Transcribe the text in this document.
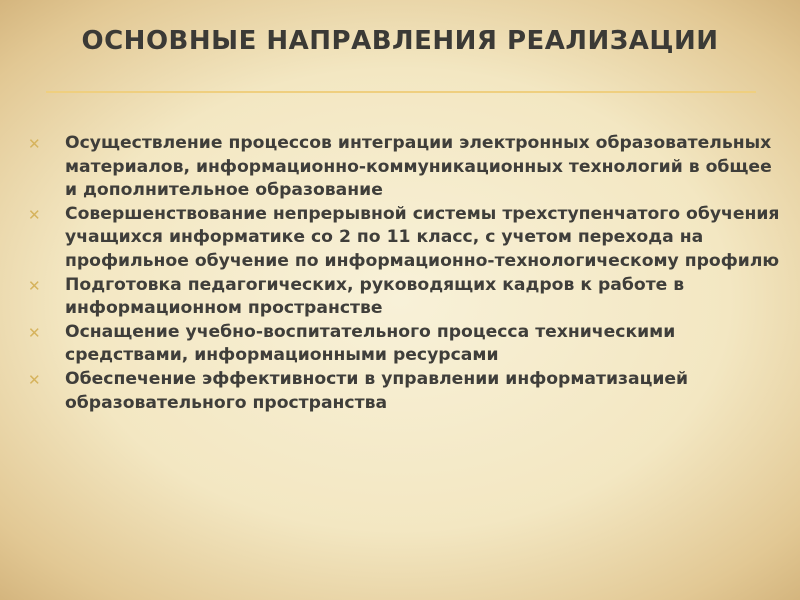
ОСНОВНЫЕ НАПРАВЛЕНИЯ РЕАЛИЗАЦИИ
✕ Осуществление процессов интеграции электронных образовательных материалов, информационно-коммуникационных технологий в общее и дополнительное образование
✕ Совершенствование непрерывной системы трехступенчатого обучения учащихся информатике со 2 по 11 класс, с учетом перехода на профильное обучение по информационно-технологическому профилю
✕ Подготовка педагогических, руководящих кадров к работе в информационном пространстве
✕ Оснащение учебно-воспитательного процесса техническими средствами, информационными ресурсами
✕ Обеспечение эффективности в управлении информатизацией образовательного пространства
